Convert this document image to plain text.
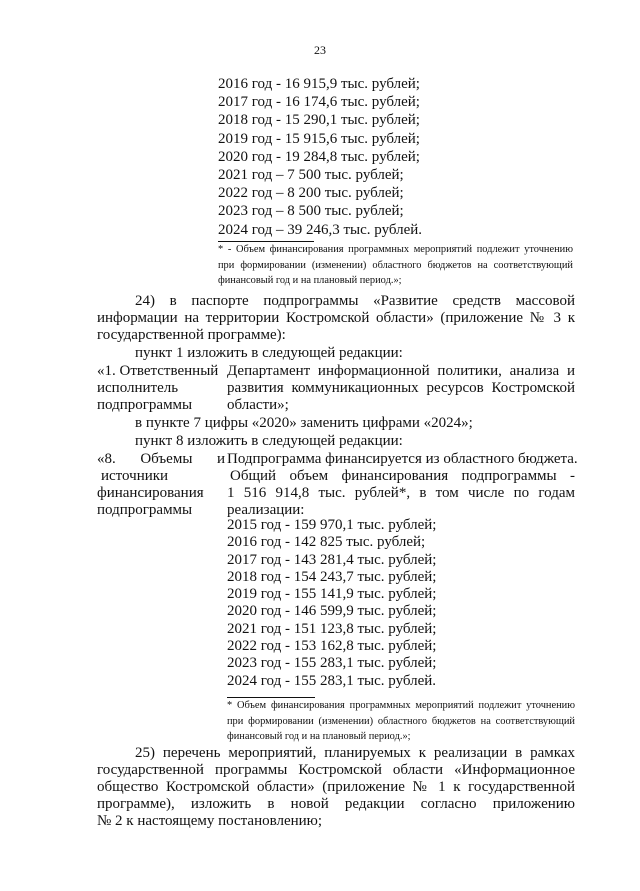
23
2016 год - 16 915,9 тыс. рублей;
2017 год - 16 174,6 тыс. рублей;
2018 год - 15 290,1 тыс. рублей;
2019 год - 15 915,6 тыс. рублей;
2020 год - 19 284,8 тыс. рублей;
2021 год – 7 500 тыс. рублей;
2022 год – 8 200 тыс. рублей;
2023 год – 8 500 тыс. рублей;
2024 год – 39 246,3 тыс. рублей.
* - Объем финансирования программных мероприятий подлежит уточнению при формировании (изменении) областного бюджетов на соответствующий финансовый год и на плановый период.»;
24) в паспорте подпрограммы «Развитие средств массовой
информации на территории Костромской области» (приложение № 3 к
государственной программе):
пункт 1 изложить в следующей редакции:
«1. Ответственный
исполнитель
подпрограммы
Департамент информационной политики, анализа и
развития коммуникационных ресурсов Костромской
области»;
в пункте 7 цифры «2020» заменить цифрами «2024»;
пункт 8 изложить в следующей редакции:
«8. Объемы и
источники
финансирования
подпрограммы
Подпрограмма финансируется из областного бюджета.
Общий объем финансирования подпрограммы -
1 516 914,8 тыс. рублей*, в том числе по годам
реализации:
2015 год - 159 970,1 тыс. рублей;
2016 год - 142 825 тыс. рублей;
2017 год - 143 281,4 тыс. рублей;
2018 год - 154 243,7 тыс. рублей;
2019 год - 155 141,9 тыс. рублей;
2020 год - 146 599,9 тыс. рублей;
2021 год - 151 123,8 тыс. рублей;
2022 год - 153 162,8 тыс. рублей;
2023 год - 155 283,1 тыс. рублей;
2024 год - 155 283,1 тыс. рублей.
* Объем финансирования программных мероприятий подлежит уточнению при формировании (изменении) областного бюджетов на соответствующий финансовый год и на плановый период.»;
25) перечень мероприятий, планируемых к реализации в рамках
государственной программы Костромской области «Информационное
общество Костромской области» (приложение № 1 к государственной
программе), изложить в новой редакции согласно приложению
№ 2 к настоящему постановлению;
